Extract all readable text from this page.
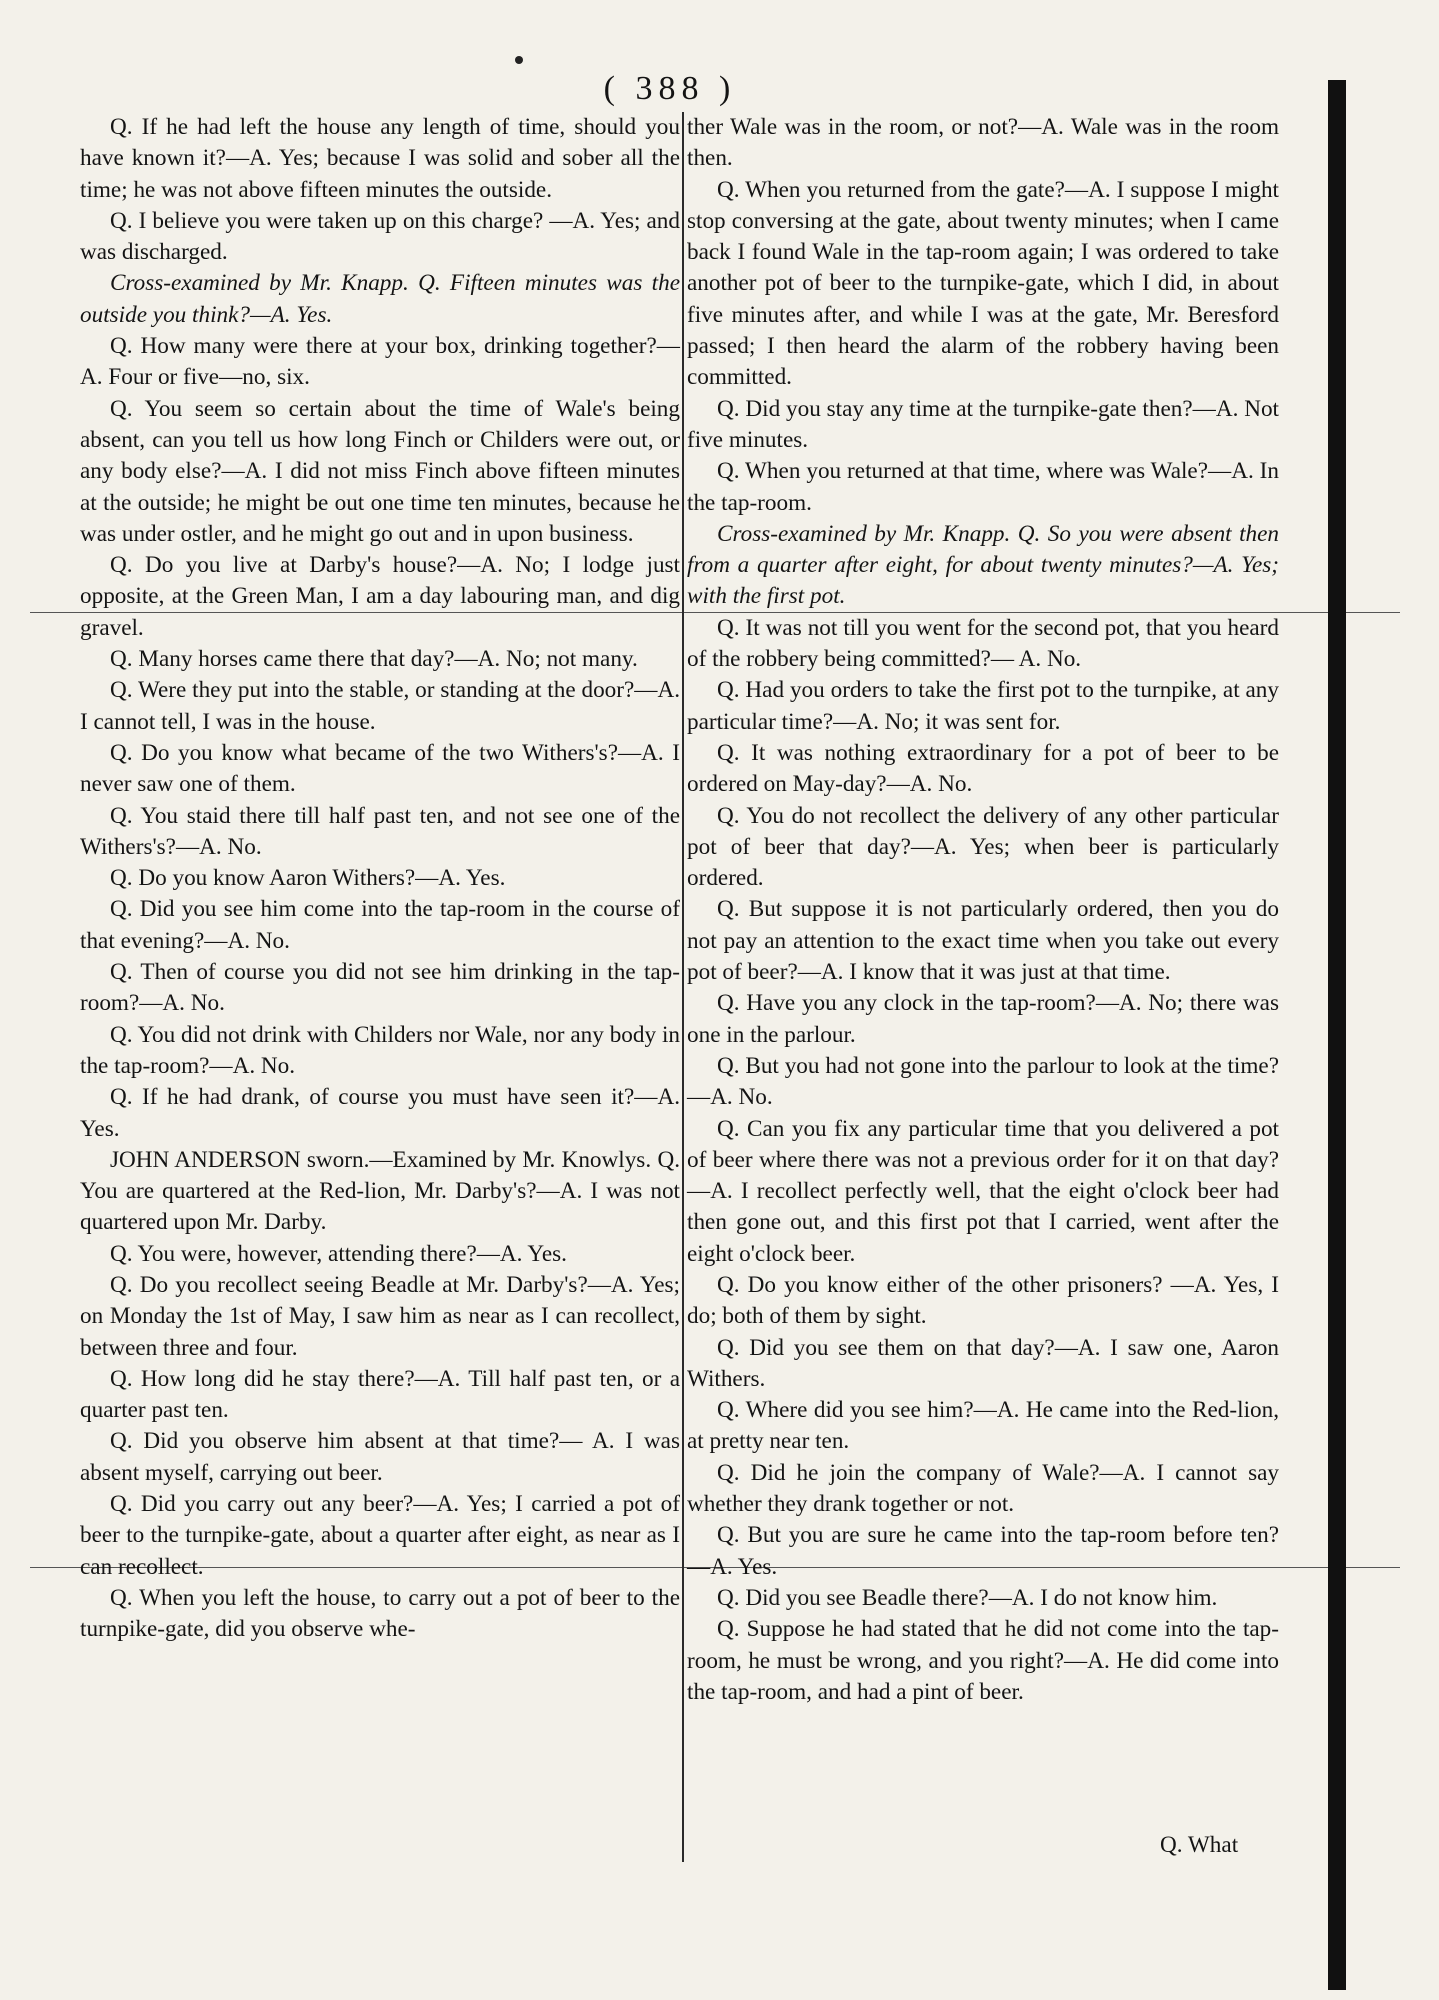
( 388 )

Q. If he had left the house any length of time, should you have known it?—A. Yes; because I was solid and sober all the time; he was not above fifteen minutes the outside.

Q. I believe you were taken up on this charge? —A. Yes; and was discharged.

Cross-examined by Mr. Knapp. Q. Fifteen minutes was the outside you think?—A. Yes.

Q. How many were there at your box, drinking together?—A. Four or five—no, six.

Q. You seem so certain about the time of Wale's being absent, can you tell us how long Finch or Childers were out, or any body else?—A. I did not miss Finch above fifteen minutes at the outside; he might be out one time ten minutes, because he was under ostler, and he might go out and in upon business.

Q. Do you live at Darby's house?—A. No; I lodge just opposite, at the Green Man, I am a day labouring man, and dig gravel.

Q. Many horses came there that day?—A. No; not many.

Q. Were they put into the stable, or standing at the door?—A. I cannot tell, I was in the house.

Q. Do you know what became of the two Withers's?—A. I never saw one of them.

Q. You staid there till half past ten, and not see one of the Withers's?—A. No.

Q. Do you know Aaron Withers?—A. Yes.

Q. Did you see him come into the tap-room in the course of that evening?—A. No.

Q. Then of course you did not see him drinking in the tap-room?—A. No.

Q. You did not drink with Childers nor Wale, nor any body in the tap-room?—A. No.

Q. If he had drank, of course you must have seen it?—A. Yes.

JOHN ANDERSON sworn.—Examined by Mr. Knowlys. Q. You are quartered at the Red-lion, Mr. Darby's?—A. I was not quartered upon Mr. Darby.

Q. You were, however, attending there?—A. Yes.

Q. Do you recollect seeing Beadle at Mr. Darby's?—A. Yes; on Monday the 1st of May, I saw him as near as I can recollect, between three and four.

Q. How long did he stay there?—A. Till half past ten, or a quarter past ten.

Q. Did you observe him absent at that time?— A. I was absent myself, carrying out beer.

Q. Did you carry out any beer?—A. Yes; I carried a pot of beer to the turnpike-gate, about a quarter after eight, as near as I can recollect.

Q. When you left the house, to carry out a pot of beer to the turnpike-gate, did you observe whe-

ther Wale was in the room, or not?—A. Wale was in the room then.

Q. When you returned from the gate?—A. I suppose I might stop conversing at the gate, about twenty minutes; when I came back I found Wale in the tap-room again; I was ordered to take another pot of beer to the turnpike-gate, which I did, in about five minutes after, and while I was at the gate, Mr. Beresford passed; I then heard the alarm of the robbery having been committed.

Q. Did you stay any time at the turnpike-gate then?—A. Not five minutes.

Q. When you returned at that time, where was Wale?—A. In the tap-room.

Cross-examined by Mr. Knapp. Q. So you were absent then from a quarter after eight, for about twenty minutes?—A. Yes; with the first pot.

Q. It was not till you went for the second pot, that you heard of the robbery being committed?— A. No.

Q. Had you orders to take the first pot to the turnpike, at any particular time?—A. No; it was sent for.

Q. It was nothing extraordinary for a pot of beer to be ordered on May-day?—A. No.

Q. You do not recollect the delivery of any other particular pot of beer that day?—A. Yes; when beer is particularly ordered.

Q. But suppose it is not particularly ordered, then you do not pay an attention to the exact time when you take out every pot of beer?—A. I know that it was just at that time.

Q. Have you any clock in the tap-room?—A. No; there was one in the parlour.

Q. But you had not gone into the parlour to look at the time?—A. No.

Q. Can you fix any particular time that you delivered a pot of beer where there was not a previous order for it on that day?—A. I recollect perfectly well, that the eight o'clock beer had then gone out, and this first pot that I carried, went after the eight o'clock beer.

Q. Do you know either of the other prisoners? —A. Yes, I do; both of them by sight.

Q. Did you see them on that day?—A. I saw one, Aaron Withers.

Q. Where did you see him?—A. He came into the Red-lion, at pretty near ten.

Q. Did he join the company of Wale?—A. I cannot say whether they drank together or not.

Q. But you are sure he came into the tap-room before ten?—A. Yes.

Q. Did you see Beadle there?—A. I do not know him.

Q. Suppose he had stated that he did not come into the tap-room, he must be wrong, and you right?—A. He did come into the tap-room, and had a pint of beer.

Q. What
